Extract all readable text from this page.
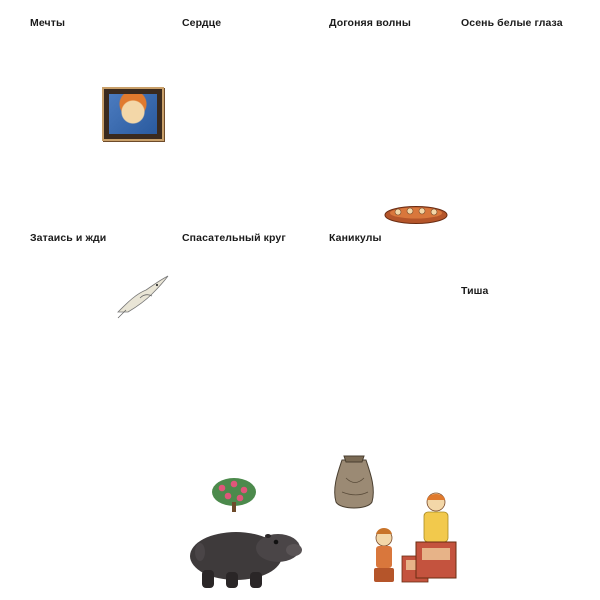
Мечты	Сердце	Догоняя волны	Осень белые глаза
Затаись и жди	Спасательный круг	Каникулы
Тиша
